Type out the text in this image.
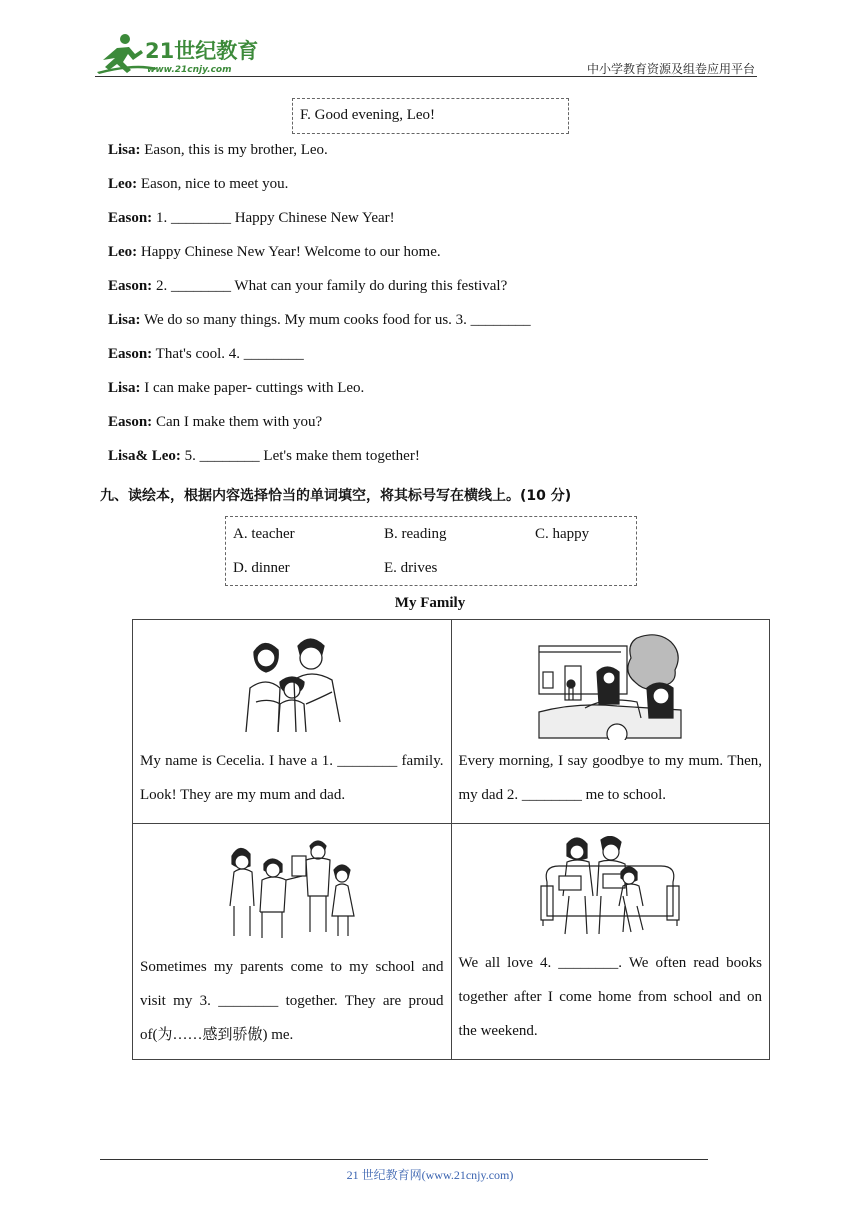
21世纪教育
www.21cnjy.com	中小学教育资源及组卷应用平台
F. Good evening, Leo!
Lisa: Eason, this is my brother, Leo.
Leo: Eason, nice to meet you.
Eason: 1. ________ Happy Chinese New Year!
Leo: Happy Chinese New Year! Welcome to our home.
Eason: 2. ________ What can your family do during this festival?
Lisa: We do so many things. My mum cooks food for us. 3. ________
Eason: That's cool. 4. ________
Lisa: I can make paper- cuttings with Leo.
Eason: Can I make them with you?
Lisa& Leo: 5. ________ Let's make them together!
九、读绘本，根据内容选择恰当的单词填空，将其标号写在横线上。(10 分)
A. teacher	B. reading	C. happy
D. dinner	E. drives
My Family
My name is Cecelia. I have a 1. ________ family. Look! They are my mum and dad.	Every morning, I say goodbye to my mum. Then, my dad 2. ________ me to school.

Sometimes my parents come to my school and visit my 3. ________ together. They are proud of(为……感到骄傲) me.	We all love 4. ________. We often read books together after I come home from school and on the weekend.
21 世纪教育网(www.21cnjy.com)
